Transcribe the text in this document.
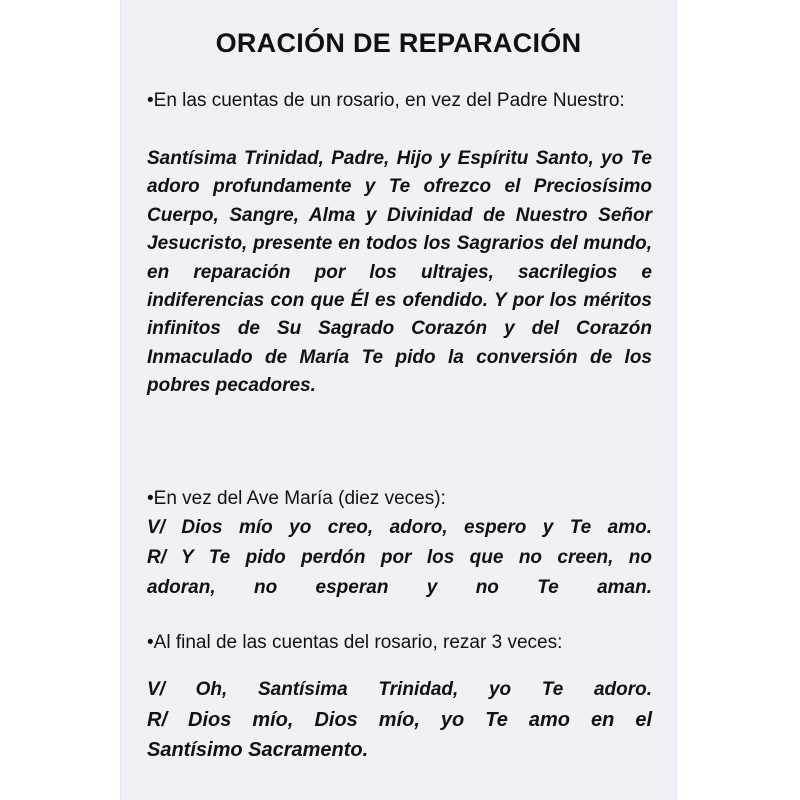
ORACIÓN DE REPARACIÓN

•En las cuentas de un rosario, en vez del Padre Nuestro:

Santísima Trinidad, Padre, Hijo y Espíritu Santo, yo Te adoro profundamente y Te ofrezco el Preciosísimo Cuerpo, Sangre, Alma y Divinidad de Nuestro Señor Jesucristo, presente en todos los Sagrarios del mundo, en reparación por los ultrajes, sacrilegios e indiferencias con que Él es ofendido. Y por los méritos infinitos de Su Sagrado Corazón y del Corazón Inmaculado de María Te pido la conversión de los pobres pecadores.

•En vez del Ave María (diez veces):

V/ Dios mío yo creo, adoro, espero y Te amo.
R/ Y Te pido perdón por los que no creen, no
adoran, no esperan y no Te aman.

•Al final de las cuentas del rosario, rezar 3 veces:

V/ Oh, Santísima Trinidad, yo Te adoro.
R/ Dios mío, Dios mío, yo Te amo en el
Santísimo Sacramento.
